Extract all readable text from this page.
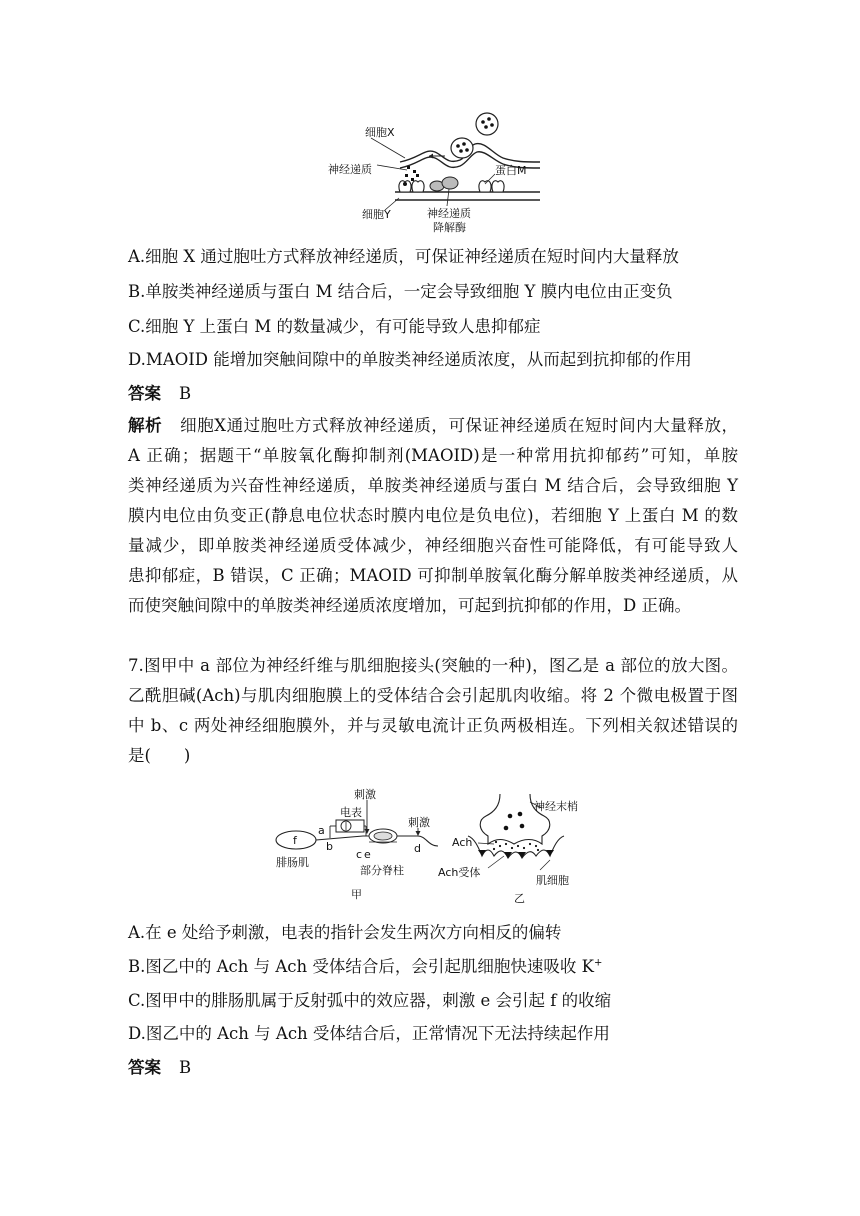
细胞X
神经递质	蛋白M
细胞Y	神经递质
降解酶
A.细胞 X 通过胞吐方式释放神经递质，可保证神经递质在短时间内大量释放
B.单胺类神经递质与蛋白 M 结合后，一定会导致细胞 Y 膜内电位由正变负
C.细胞 Y 上蛋白 M 的数量减少，有可能导致人患抑郁症
D.MAOID 能增加突触间隙中的单胺类神经递质浓度，从而起到抗抑郁的作用
答案 B
解析 细胞X通过胞吐方式释放神经递质，可保证神经递质在短时间内大量释放，
A 正确；据题干“单胺氧化酶抑制剂(MAOID)是一种常用抗抑郁药”可知，单胺
类神经递质为兴奋性神经递质，单胺类神经递质与蛋白 M 结合后，会导致细胞 Y
膜内电位由负变正(静息电位状态时膜内电位是负电位)，若细胞 Y 上蛋白 M 的数
量减少，即单胺类神经递质受体减少，神经细胞兴奋性可能降低，有可能导致人
患抑郁症，B 错误，C 正确；MAOID 可抑制单胺氧化酶分解单胺类神经递质，从
而使突触间隙中的单胺类神经递质浓度增加，可起到抗抑郁的作用，D 正确。
7.图甲中 a 部位为神经纤维与肌细胞接头(突触的一种)，图乙是 a 部位的放大图。
乙酰胆碱(Ach)与肌肉细胞膜上的受体结合会引起肌肉收缩。将 2 个微电极置于图
中 b、c 两处神经细胞膜外，并与灵敏电流计正负两极相连。下列相关叙述错误的
是(　　)
f
电表
a
b
c e
刺激
刺激
d
腓肠肌
部分脊柱
甲
神经末梢
Ach
Ach受体
肌细胞
乙
A.在 e 处给予刺激，电表的指针会发生两次方向相反的偏转
B.图乙中的 Ach 与 Ach 受体结合后，会引起肌细胞快速吸收 K+
C.图甲中的腓肠肌属于反射弧中的效应器，刺激 e 会引起 f 的收缩
D.图乙中的 Ach 与 Ach 受体结合后，正常情况下无法持续起作用
答案 B
